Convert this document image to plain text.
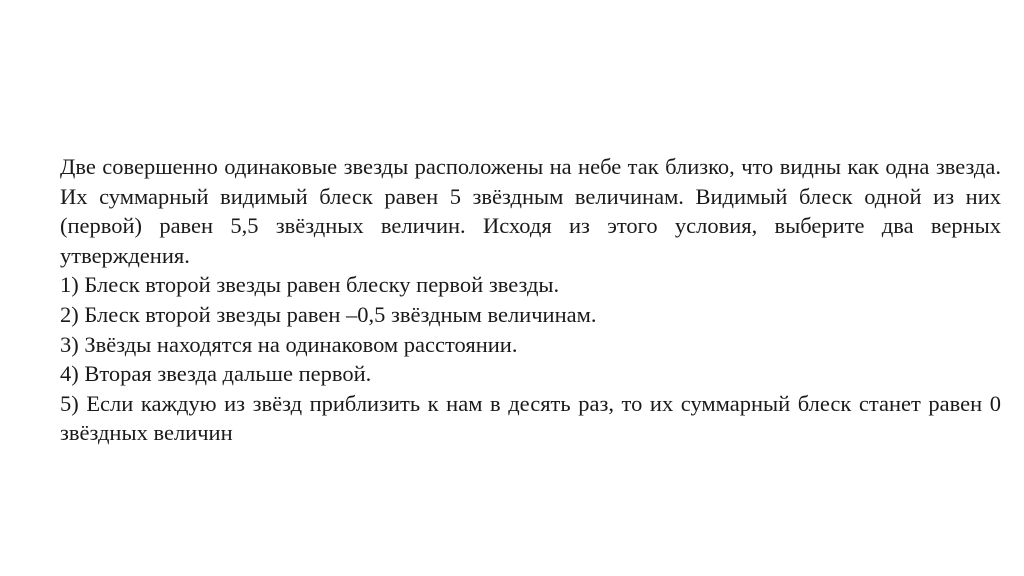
Две совершенно одинаковые звезды расположены на небе так близко, что видны как одна звезда. Их суммарный видимый блеск равен 5 звёздным величинам. Видимый блеск одной из них (первой) равен 5,5 звёздных величин. Исходя из этого условия, выберите два верных утверждения.

1) Блеск второй звезды равен блеску первой звезды.

2) Блеск второй звезды равен –0,5 звёздным величинам.

3) Звёзды находятся на одинаковом расстоянии.

4) Вторая звезда дальше первой.

5) Если каждую из звёзд приблизить к нам в десять раз, то их суммарный блеск станет равен 0 звёздных величин
